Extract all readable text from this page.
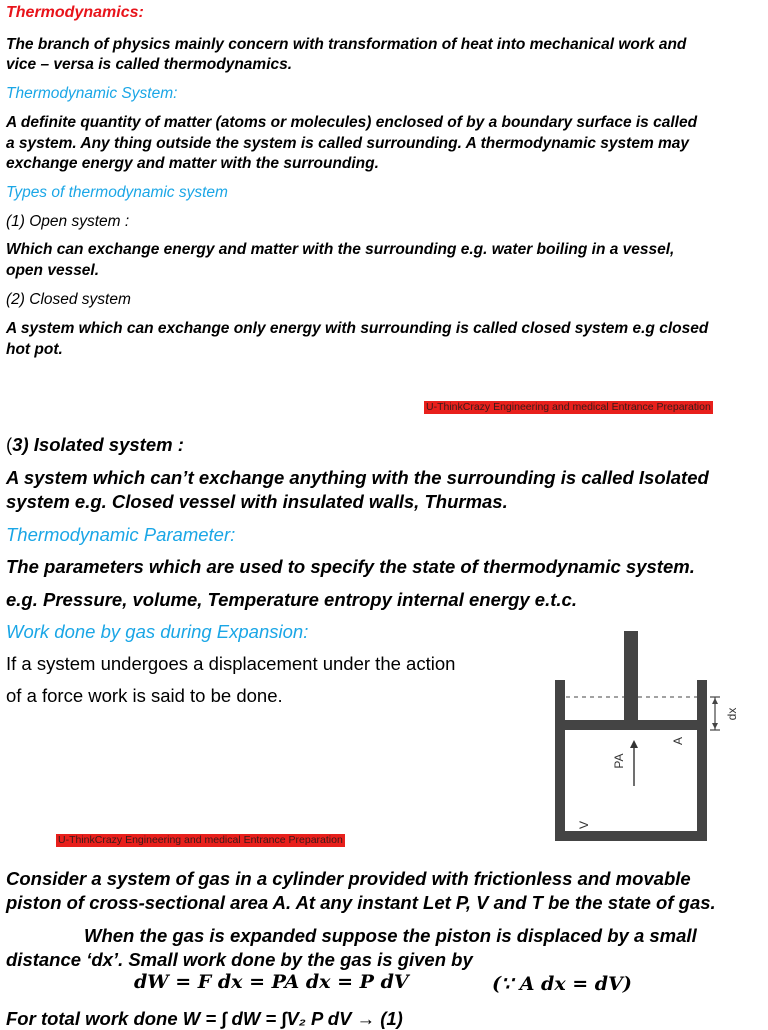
Thermodynamics:

The branch of physics mainly concern with transformation of heat into mechanical work and

vice – versa is called thermodynamics.

Thermodynamic System:

A definite quantity of matter (atoms or molecules) enclosed of by a boundary surface is called

a system. Any thing outside the system is called surrounding. A thermodynamic system may

exchange energy and matter with the surrounding.

Types of thermodynamic system

(1) Open system :

Which can exchange energy and matter with the surrounding e.g. water boiling in a vessel,

open vessel.

(2) Closed system

A system which can exchange only energy with surrounding is called closed system e.g closed

hot pot.

U-ThinkCrazy Engineering and medical Entrance Preparation

(3) Isolated system :

A system which can’t exchange anything with the surrounding is called Isolated

system e.g. Closed vessel with insulated walls, Thurmas.

Thermodynamic Parameter:

The parameters which are used to specify the state of thermodynamic system.

e.g. Pressure, volume, Temperature entropy internal energy e.t.c.

Work done by gas during Expansion:

If a system undergoes a displacement under the action

of a force work is said to be done.

U-ThinkCrazy Engineering and medical Entrance Preparation
dx
PA
A
V

Consider a system of gas in a cylinder provided with frictionless and movable

piston of cross-sectional area A. At any instant Let P, V and T be the state of gas.

When the gas is expanded suppose the piston is displaced by a small

distance ‘dx’. Small work done by the gas is given by

dW = F dx = PA dx = P dV	(∵ A dx = dV)

For total work done W = ∫ dW = ∫V₂ P dV → (1)
